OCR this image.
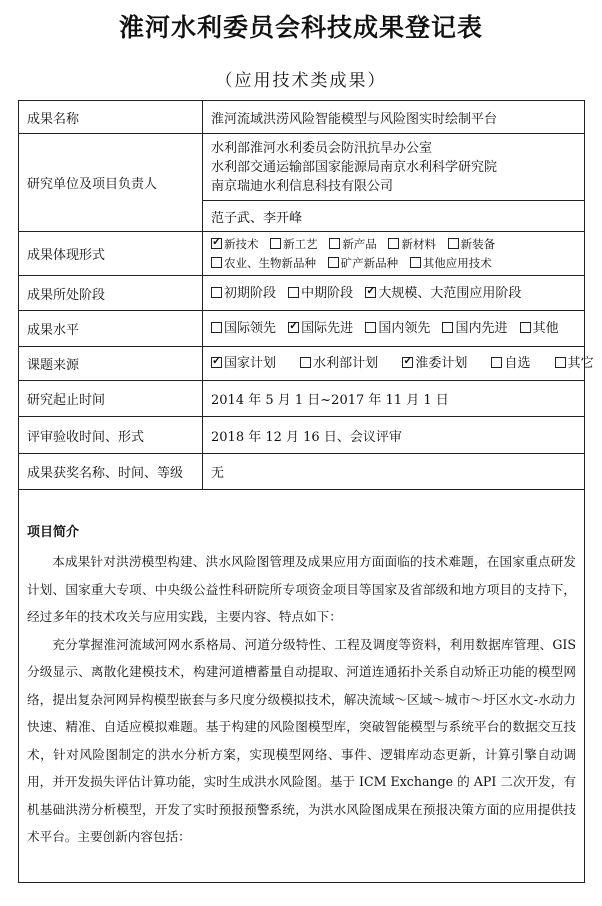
淮河水利委员会科技成果登记表
（应用技术类成果）
成果名称	淮河流域洪涝风险智能模型与风险图实时绘制平台
研究单位及项目负责人	水利部淮河水利委员会防汛抗旱办公室
水利部交通运输部国家能源局南京水利科学研究院
南京瑞迪水利信息科技有限公司

	范子武、李开峰
成果体现形式	
✓新技术 新工艺 新产品 新材料 新装备
农业、生物新品种 矿产新品种 其他应用技术

成果所处阶段	初期阶段 中期阶段 ✓ 大规模、大范围应用阶段
成果水平	国际领先 ✓ 国际先进 国内领先 国内先进 其他
课题来源	✓国家计划 水利部计划 ✓ 淮委计划 自选 其它
研究起止时间	2014 年 5 月 1 日~2017 年 11 月 1 日
评审验收时间、形式	2018 年 12 月 16 日、会议评审
成果获奖名称、时间、等级	无

项目简介

本成果针对洪涝模型构建、洪水风险图管理及成果应用方面面临的技术难题，在国家重点研发计划、国家重大专项、中央级公益性科研院所专项资金项目等国家及省部级和地方项目的支持下，经过多年的技术攻关与应用实践，主要内容、特点如下：

充分掌握淮河流域河网水系格局、河道分级特性、工程及调度等资料，利用数据库管理、GIS 分级显示、离散化建模技术，构建河道槽蓄量自动提取、河道连通拓扑关系自动矫正功能的模型网络，提出复杂河网异构模型嵌套与多尺度分级模拟技术，解决流域～区域～城市～圩区水文-水动力快速、精准、自适应模拟难题。基于构建的风险图模型库，突破智能模型与系统平台的数据交互技术，针对风险图制定的洪水分析方案，实现模型网络、事件、逻辑库动态更新，计算引擎自动调用，并开发损失评估计算功能，实时生成洪水风险图。基于 ICM Exchange 的 API 二次开发，有机基础洪涝分析模型，开发了实时预报预警系统，为洪水风险图成果在预报决策方面的应用提供技术平台。主要创新内容包括：	
